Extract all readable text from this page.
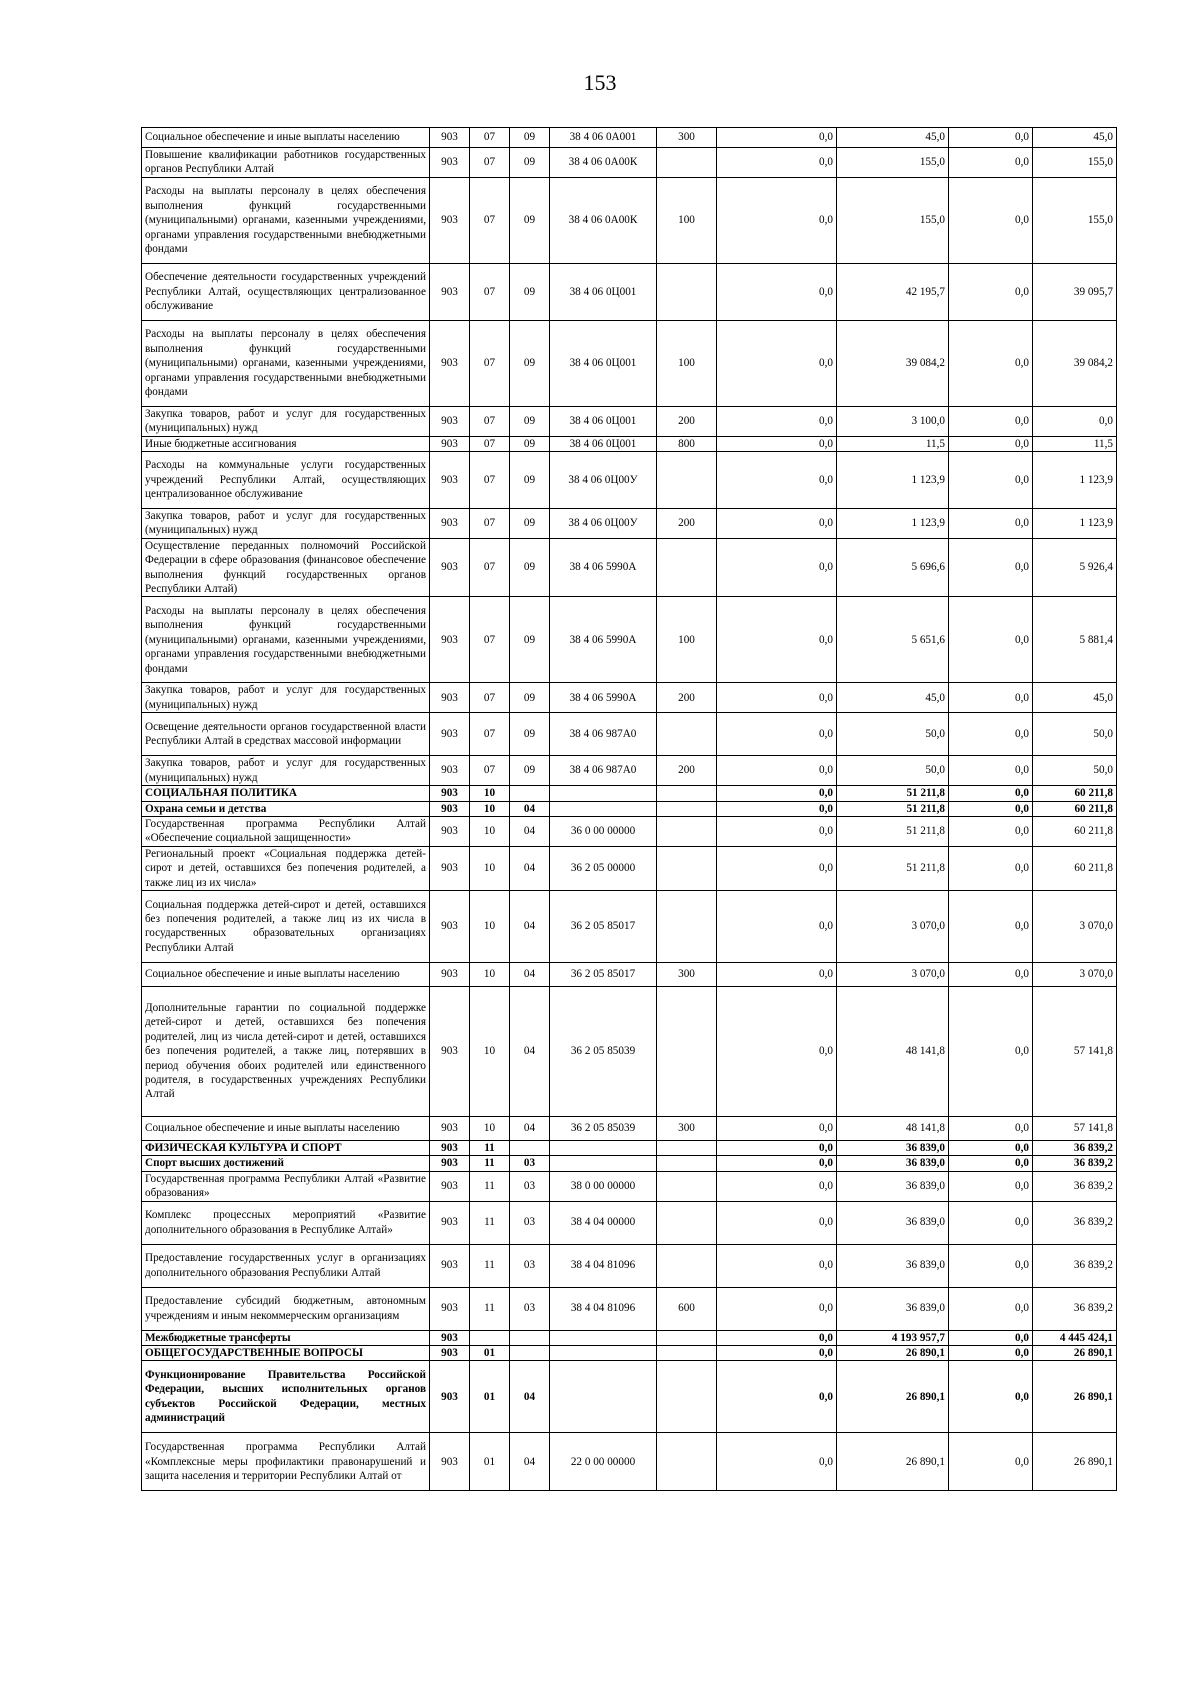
153
Социальное обеспечение и иные выплаты населению	903	07	09	38 4 06 0А001	300	0,0	45,0	0,0	45,0
Повышение квалификации работников государственных органов Республики Алтай	903	07	09	38 4 06 0А00К		0,0	155,0	0,0	155,0
Расходы на выплаты персоналу в целях обеспечения выполнения функций государственными (муниципальными) органами, казенными учреждениями, органами управления государственными внебюджетными фондами	903	07	09	38 4 06 0А00К	100	0,0	155,0	0,0	155,0
Обеспечение деятельности государственных учреждений Республики Алтай, осуществляющих централизованное обслуживание	903	07	09	38 4 06 0Ц001		0,0	42 195,7	0,0	39 095,7
Расходы на выплаты персоналу в целях обеспечения выполнения функций государственными (муниципальными) органами, казенными учреждениями, органами управления государственными внебюджетными фондами	903	07	09	38 4 06 0Ц001	100	0,0	39 084,2	0,0	39 084,2
Закупка товаров, работ и услуг для государственных (муниципальных) нужд	903	07	09	38 4 06 0Ц001	200	0,0	3 100,0	0,0	0,0
Иные бюджетные ассигнования	903	07	09	38 4 06 0Ц001	800	0,0	11,5	0,0	11,5
Расходы на коммунальные услуги государственных учреждений Республики Алтай, осуществляющих централизованное обслуживание	903	07	09	38 4 06 0Ц00У		0,0	1 123,9	0,0	1 123,9
Закупка товаров, работ и услуг для государственных (муниципальных) нужд	903	07	09	38 4 06 0Ц00У	200	0,0	1 123,9	0,0	1 123,9
Осуществление переданных полномочий Российской Федерации в сфере образования (финансовое обеспечение выполнения функций государственных органов Республики Алтай)	903	07	09	38 4 06 5990А		0,0	5 696,6	0,0	5 926,4
Расходы на выплаты персоналу в целях обеспечения выполнения функций государственными (муниципальными) органами, казенными учреждениями, органами управления государственными внебюджетными фондами	903	07	09	38 4 06 5990А	100	0,0	5 651,6	0,0	5 881,4
Закупка товаров, работ и услуг для государственных (муниципальных) нужд	903	07	09	38 4 06 5990А	200	0,0	45,0	0,0	45,0
Освещение деятельности органов государственной власти Республики Алтай в средствах массовой информации	903	07	09	38 4 06 987А0		0,0	50,0	0,0	50,0
Закупка товаров, работ и услуг для государственных (муниципальных) нужд	903	07	09	38 4 06 987А0	200	0,0	50,0	0,0	50,0
СОЦИАЛЬНАЯ ПОЛИТИКА	903	10				0,0	51 211,8	0,0	60 211,8
Охрана семьи и детства	903	10	04			0,0	51 211,8	0,0	60 211,8
Государственная программа Республики Алтай «Обеспечение социальной защищенности»	903	10	04	36 0 00 00000		0,0	51 211,8	0,0	60 211,8
Региональный проект «Социальная поддержка детей-сирот и детей, оставшихся без попечения родителей, а также лиц из их числа»	903	10	04	36 2 05 00000		0,0	51 211,8	0,0	60 211,8
Социальная поддержка детей-сирот и детей, оставшихся без попечения родителей, а также лиц из их числа в государственных образовательных организациях Республики Алтай	903	10	04	36 2 05 85017		0,0	3 070,0	0,0	3 070,0
Социальное обеспечение и иные выплаты населению	903	10	04	36 2 05 85017	300	0,0	3 070,0	0,0	3 070,0
Дополнительные гарантии по социальной поддержке детей-сирот и детей, оставшихся без попечения родителей, лиц из числа детей-сирот и детей, оставшихся без попечения родителей, а также лиц, потерявших в период обучения обоих родителей или единственного родителя, в государственных учреждениях Республики Алтай	903	10	04	36 2 05 85039		0,0	48 141,8	0,0	57 141,8
Социальное обеспечение и иные выплаты населению	903	10	04	36 2 05 85039	300	0,0	48 141,8	0,0	57 141,8
ФИЗИЧЕСКАЯ КУЛЬТУРА И СПОРТ	903	11				0,0	36 839,0	0,0	36 839,2
Спорт высших достижений	903	11	03			0,0	36 839,0	0,0	36 839,2
Государственная программа Республики Алтай «Развитие образования»	903	11	03	38 0 00 00000		0,0	36 839,0	0,0	36 839,2
Комплекс процессных мероприятий «Развитие дополнительного образования в Республике Алтай»	903	11	03	38 4 04 00000		0,0	36 839,0	0,0	36 839,2
Предоставление государственных услуг в организациях дополнительного образования Республики Алтай	903	11	03	38 4 04 81096		0,0	36 839,0	0,0	36 839,2
Предоставление субсидий бюджетным, автономным учреждениям и иным некоммерческим организациям	903	11	03	38 4 04 81096	600	0,0	36 839,0	0,0	36 839,2
Межбюджетные трансферты	903					0,0	4 193 957,7	0,0	4 445 424,1
ОБЩЕГОСУДАРСТВЕННЫЕ ВОПРОСЫ	903	01				0,0	26 890,1	0,0	26 890,1
Функционирование Правительства Российской Федерации, высших исполнительных органов субъектов Российской Федерации, местных администраций	903	01	04			0,0	26 890,1	0,0	26 890,1
Государственная программа Республики Алтай «Комплексные меры профилактики правонарушений и защита населения и территории Республики Алтай от	903	01	04	22 0 00 00000		0,0	26 890,1	0,0	26 890,1
